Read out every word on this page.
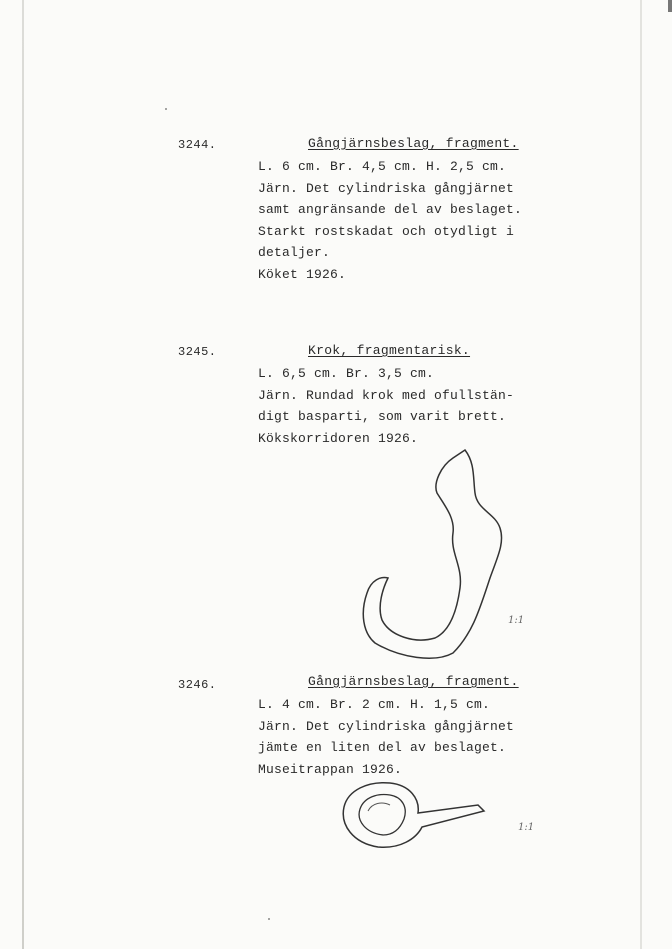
3244.	Gångjärnsbeslag, fragment.
L. 6 cm. Br. 4,5 cm. H. 2,5 cm.
Järn. Det cylindriska gångjärnet
samt angränsande del av beslaget.
Starkt rostskadat och otydligt i
detaljer.
Köket 1926.
3245.	Krok, fragmentarisk.
L. 6,5 cm. Br. 3,5 cm.
Järn. Rundad krok med ofullstän-
digt basparti, som varit brett.
Kökskorridoren 1926.
1:1
3246.	Gångjärnsbeslag, fragment.
L. 4 cm. Br. 2 cm. H. 1,5 cm.
Järn. Det cylindriska gångjärnet
jämte en liten del av beslaget.
Museitrappan 1926.
1:1
